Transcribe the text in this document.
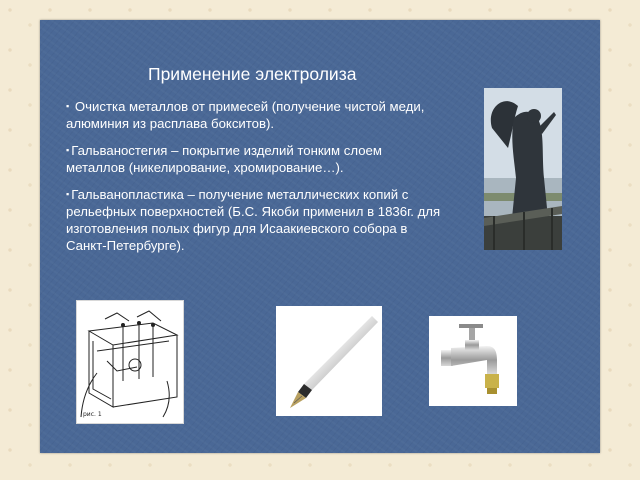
Применение электролиза

▪ Очистка металлов от примесей (получение чистой меди, алюминия из расплава бокситов).

▪ Гальваностегия – покрытие изделий тонким слоем металлов (никелирование, хромирование…).

▪ Гальванопластика – получение металлических копий с рельефных поверхностей (Б.С. Якоби применил в 1836г. для изготовления полых фигур для Исаакиевского собора в Санкт-Петербурге).

рис. 1
